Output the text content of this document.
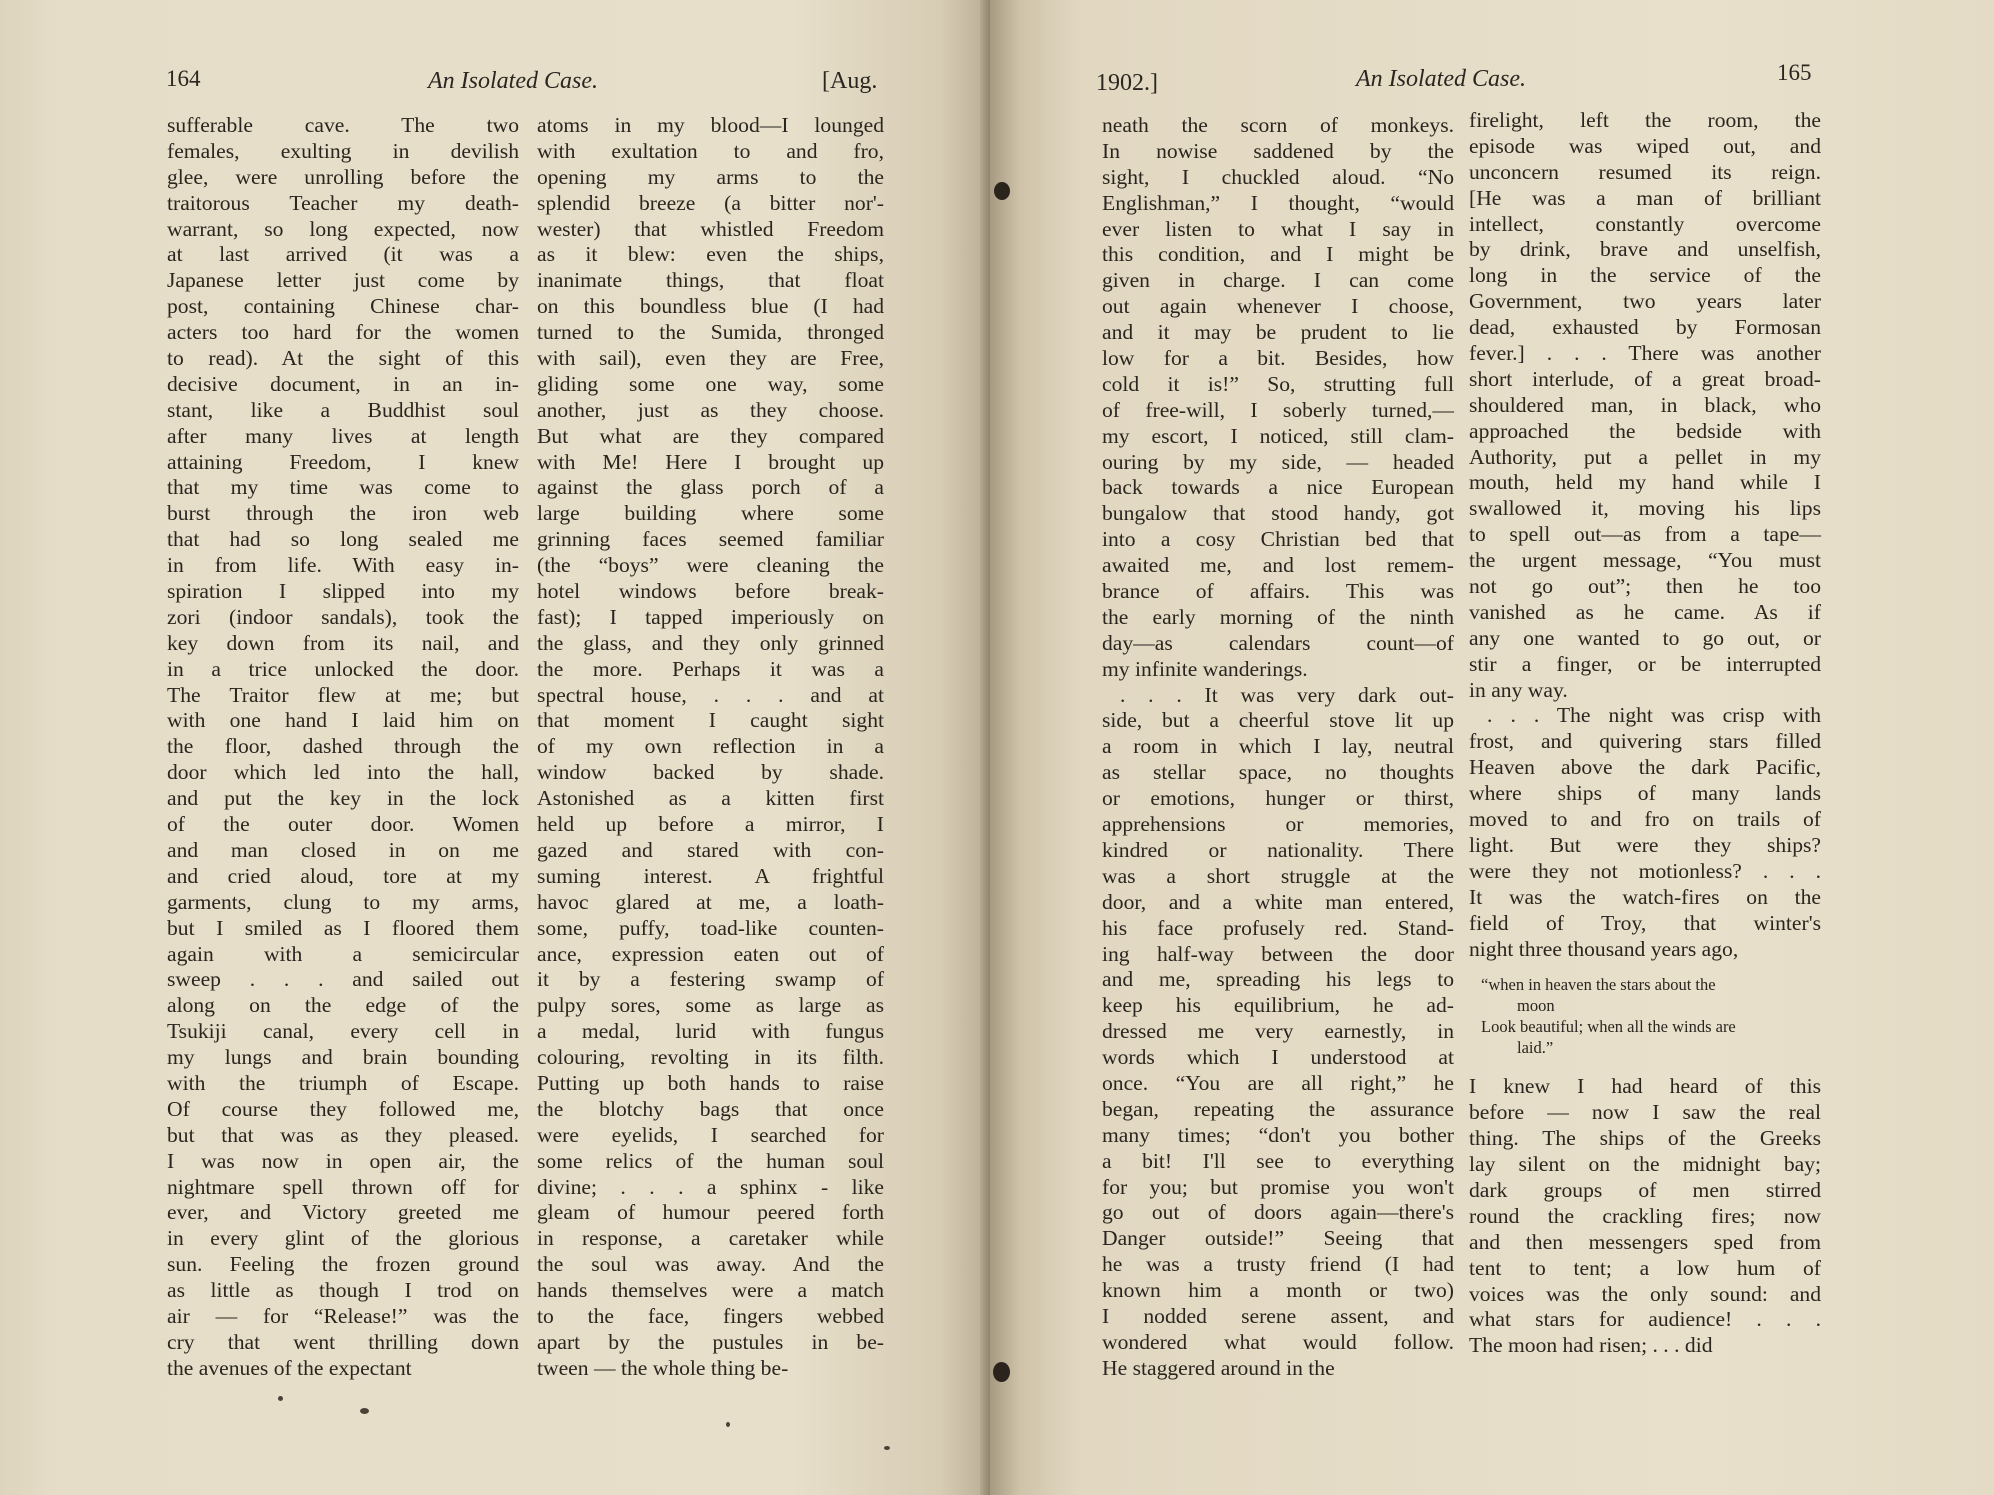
164	An Isolated Case.	[Aug.
sufferable cave. The two
females, exulting in devilish
glee, were unrolling before the
traitorous Teacher my death-
warrant, so long expected, now
at last arrived (it was a
Japanese letter just come by
post, containing Chinese char-
acters too hard for the women
to read). At the sight of this
decisive document, in an in-
stant, like a Buddhist soul
after many lives at length
attaining Freedom, I knew
that my time was come to
burst through the iron web
that had so long sealed me
in from life. With easy in-
spiration I slipped into my
zori (indoor sandals), took the
key down from its nail, and
in a trice unlocked the door.
The Traitor flew at me; but
with one hand I laid him on
the floor, dashed through the
door which led into the hall,
and put the key in the lock
of the outer door. Women
and man closed in on me
and cried aloud, tore at my
garments, clung to my arms,
but I smiled as I floored them
again with a semicircular
sweep . . . and sailed out
along on the edge of the
Tsukiji canal, every cell in
my lungs and brain bounding
with the triumph of Escape.
Of course they followed me,
but that was as they pleased.
I was now in open air, the
nightmare spell thrown off for
ever, and Victory greeted me
in every glint of the glorious
sun. Feeling the frozen ground
as little as though I trod on
air — for “Release!” was the
cry that went thrilling down
the avenues of the expectant
atoms in my blood—I lounged
with exultation to and fro,
opening my arms to the
splendid breeze (a bitter nor'-
wester) that whistled Freedom
as it blew: even the ships,
inanimate things, that float
on this boundless blue (I had
turned to the Sumida, thronged
with sail), even they are Free,
gliding some one way, some
another, just as they choose.
But what are they compared
with Me! Here I brought up
against the glass porch of a
large building where some
grinning faces seemed familiar
(the “boys” were cleaning the
hotel windows before break-
fast); I tapped imperiously on
the glass, and they only grinned
the more. Perhaps it was a
spectral house, . . . and at
that moment I caught sight
of my own reflection in a
window backed by shade.
Astonished as a kitten first
held up before a mirror, I
gazed and stared with con-
suming interest. A frightful
havoc glared at me, a loath-
some, puffy, toad-like counten-
ance, expression eaten out of
it by a festering swamp of
pulpy sores, some as large as
a medal, lurid with fungus
colouring, revolting in its filth.
Putting up both hands to raise
the blotchy bags that once
were eyelids, I searched for
some relics of the human soul
divine; . . . a sphinx - like
gleam of humour peered forth
in response, a caretaker while
the soul was away. And the
hands themselves were a match
to the face, fingers webbed
apart by the pustules in be-
tween — the whole thing be-
1902.]	An Isolated Case.	165
neath the scorn of monkeys.
In nowise saddened by the
sight, I chuckled aloud. “No
Englishman,” I thought, “would
ever listen to what I say in
this condition, and I might be
given in charge. I can come
out again whenever I choose,
and it may be prudent to lie
low for a bit. Besides, how
cold it is!” So, strutting full
of free-will, I soberly turned,—
my escort, I noticed, still clam-
ouring by my side, — headed
back towards a nice European
bungalow that stood handy, got
into a cosy Christian bed that
awaited me, and lost remem-
brance of affairs. This was
the early morning of the ninth
day—as calendars count—of
my infinite wanderings.
. . . It was very dark out-
side, but a cheerful stove lit up
a room in which I lay, neutral
as stellar space, no thoughts
or emotions, hunger or thirst,
apprehensions or memories,
kindred or nationality. There
was a short struggle at the
door, and a white man entered,
his face profusely red. Stand-
ing half-way between the door
and me, spreading his legs to
keep his equilibrium, he ad-
dressed me very earnestly, in
words which I understood at
once. “You are all right,” he
began, repeating the assurance
many times; “don't you bother
a bit! I'll see to everything
for you; but promise you won't
go out of doors again—there's
Danger outside!” Seeing that
he was a trusty friend (I had
known him a month or two)
I nodded serene assent, and
wondered what would follow.
He staggered around in the
firelight, left the room, the
episode was wiped out, and
unconcern resumed its reign.
[He was a man of brilliant
intellect, constantly overcome
by drink, brave and unselfish,
long in the service of the
Government, two years later
dead, exhausted by Formosan
fever.] . . . There was another
short interlude, of a great broad-
shouldered man, in black, who
approached the bedside with
Authority, put a pellet in my
mouth, held my hand while I
swallowed it, moving his lips
to spell out—as from a tape—
the urgent message, “You must
not go out”; then he too
vanished as he came. As if
any one wanted to go out, or
stir a finger, or be interrupted
in any way.
. . . The night was crisp with
frost, and quivering stars filled
Heaven above the dark Pacific,
where ships of many lands
moved to and fro on trails of
light. But were they ships?
were they not motionless? . . .
It was the watch-fires on the
field of Troy, that winter's
night three thousand years ago,
“when in heaven the stars about the
moon
Look beautiful; when all the winds are
laid.”
I knew I had heard of this
before — now I saw the real
thing. The ships of the Greeks
lay silent on the midnight bay;
dark groups of men stirred
round the crackling fires; now
and then messengers sped from
tent to tent; a low hum of
voices was the only sound: and
what stars for audience! . . .
The moon had risen; . . . did
